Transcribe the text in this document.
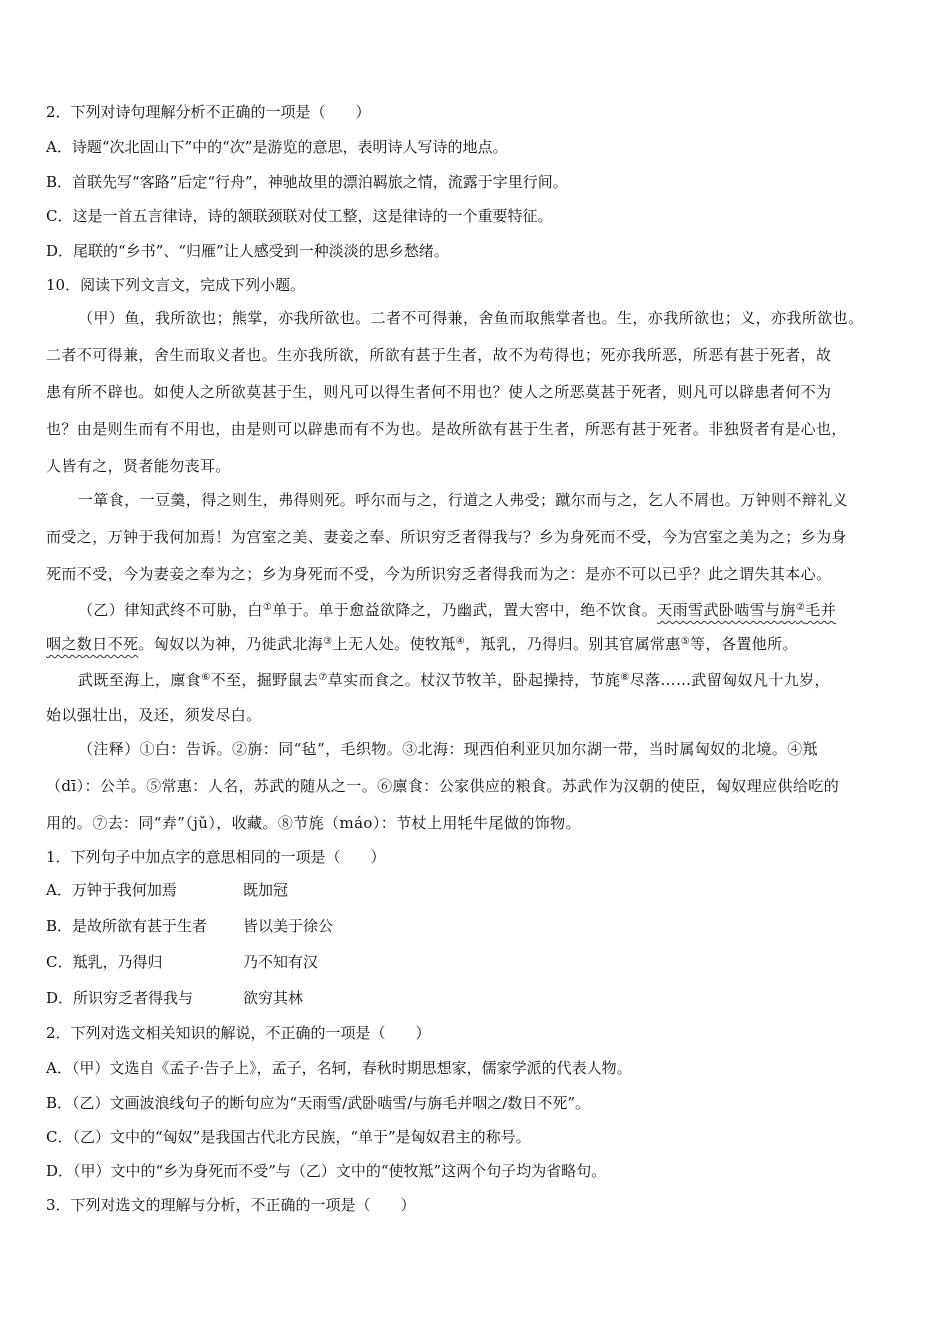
2．下列对诗句理解分析不正确的一项是（　　）
A．诗题“次北固山下”中的“次”是游览的意思，表明诗人写诗的地点。
B．首联先写“客路”后定“行舟”，神驰故里的漂泊羁旅之情，流露于字里行间。
C．这是一首五言律诗，诗的颔联颈联对仗工整，这是律诗的一个重要特征。
D．尾联的“乡书”、“归雁”让人感受到一种淡淡的思乡愁绪。
10．阅读下列文言文，完成下列小题。
（甲）鱼，我所欲也；熊掌，亦我所欲也。二者不可得兼，舍鱼而取熊掌者也。生，亦我所欲也；义，亦我所欲也。
二者不可得兼，舍生而取义者也。生亦我所欲，所欲有甚于生者，故不为苟得也；死亦我所恶，所恶有甚于死者，故
患有所不辟也。如使人之所欲莫甚于生，则凡可以得生者何不用也？使人之所恶莫甚于死者，则凡可以辟患者何不为
也？由是则生而有不用也，由是则可以辟患而有不为也。是故所欲有甚于生者，所恶有甚于死者。非独贤者有是心也，
人皆有之，贤者能勿丧耳。
一箪食，一豆羹，得之则生，弗得则死。呼尔而与之，行道之人弗受；蹴尔而与之，乞人不屑也。万钟则不辩礼义
而受之，万钟于我何加焉！为宫室之美、妻妾之奉、所识穷乏者得我与？乡为身死而不受，今为宫室之美为之；乡为身
死而不受，今为妻妾之奉为之；乡为身死而不受，今为所识穷乏者得我而为之：是亦不可以已乎？此之谓失其本心。
（乙）律知武终不可胁，白①单于。单于愈益欲降之，乃幽武，置大窖中，绝不饮食。天雨雪武卧啮雪与旃②毛并
咽之数日不死。匈奴以为神，乃徙武北海③上无人处。使牧羝④，羝乳，乃得归。别其官属常惠⑤等，各置他所。
武既至海上，廪食⑥不至，掘野鼠去⑦草实而食之。杖汉节牧羊，卧起操持，节旄⑧尽落……武留匈奴凡十九岁，
始以强壮出，及还，须发尽白。
（注释）①白：告诉。②旃：同“毡”，毛织物。③北海：现西伯利亚贝加尔湖一带，当时属匈奴的北境。④羝
（dī）：公羊。⑤常惠：人名，苏武的随从之一。⑥廪食：公家供应的粮食。苏武作为汉朝的使臣，匈奴理应供给吃的
用的。⑦去：同“弆”（jǔ），收藏。⑧节旄（máo）：节杖上用牦牛尾做的饰物。
1．下列句子中加点字的意思相同的一项是（　　）
A．万钟于我何加焉	既加冠
B．是故所欲有甚于生者 皆以美于徐公
C．羝乳，乃得归	乃不知有汉
D．所识穷乏者得我与	欲穷其林
2．下列对选文相关知识的解说，不正确的一项是（　　）
A．（甲）文选自《孟子·告子上》，孟子，名轲，春秋时期思想家，儒家学派的代表人物。
B．（乙）文画波浪线句子的断句应为“天雨雪/武卧啮雪/与旃毛并咽之/数日不死”。
C．（乙）文中的“匈奴”是我国古代北方民族，“单于”是匈奴君主的称号。
D．（甲）文中的“乡为身死而不受”与（乙）文中的“使牧羝”这两个句子均为省略句。
3．下列对选文的理解与分析，不正确的一项是（　　）
